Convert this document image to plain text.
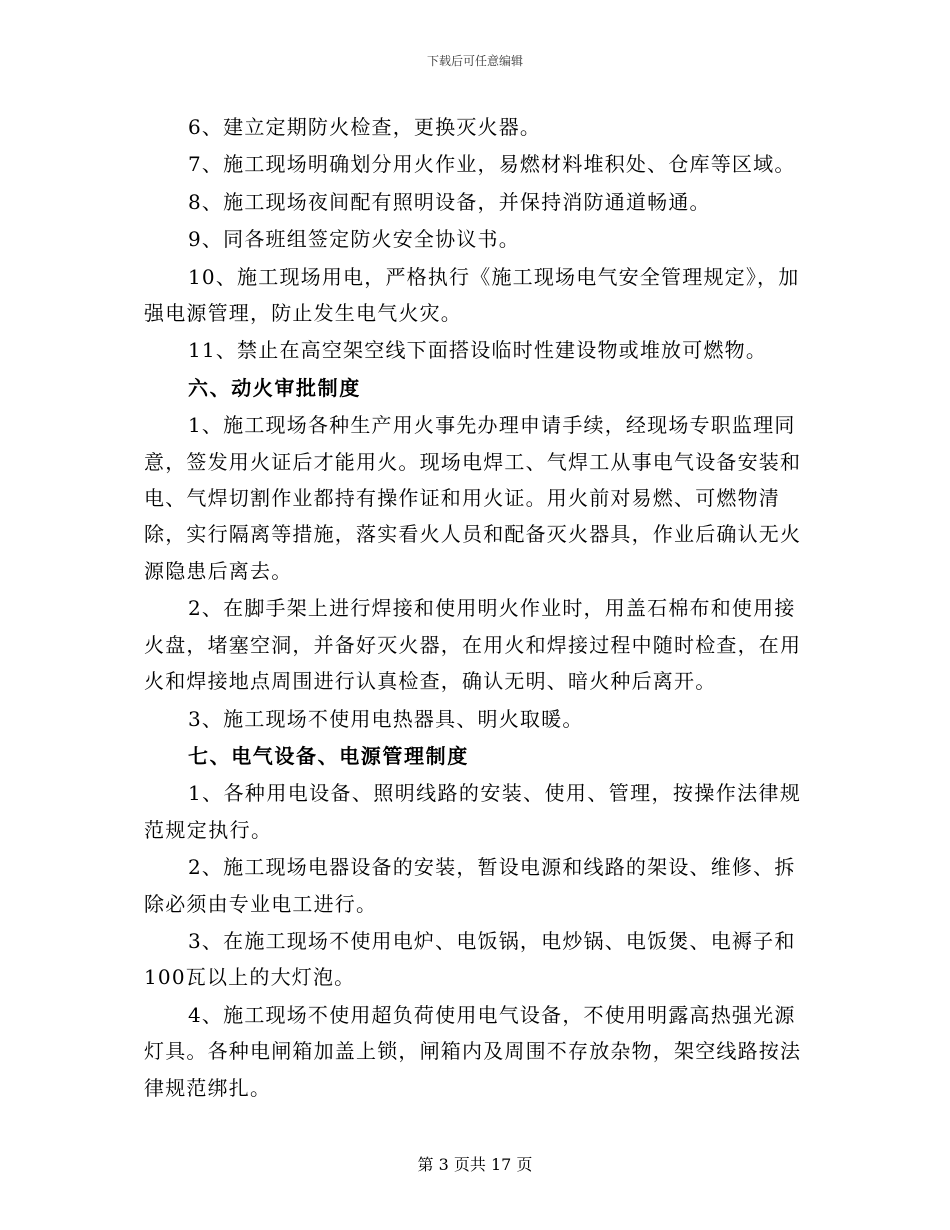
下载后可任意编辑

6、建立定期防火检查，更换灭火器。

7、施工现场明确划分用火作业，易燃材料堆积处、仓库等区域。

8、施工现场夜间配有照明设备，并保持消防通道畅通。

9、同各班组签定防火安全协议书。

10、施工现场用电，严格执行《施工现场电气安全管理规定》，加强电源管理，防止发生电气火灾。

11、禁止在高空架空线下面搭设临时性建设物或堆放可燃物。

六、动火审批制度

1、施工现场各种生产用火事先办理申请手续，经现场专职监理同意，签发用火证后才能用火。现场电焊工、气焊工从事电气设备安装和电、气焊切割作业都持有操作证和用火证。用火前对易燃、可燃物清除，实行隔离等措施，落实看火人员和配备灭火器具，作业后确认无火源隐患后离去。

2、在脚手架上进行焊接和使用明火作业时，用盖石棉布和使用接火盘，堵塞空洞，并备好灭火器，在用火和焊接过程中随时检查，在用火和焊接地点周围进行认真检查，确认无明、暗火种后离开。

3、施工现场不使用电热器具、明火取暖。

七、电气设备、电源管理制度

1、各种用电设备、照明线路的安装、使用、管理，按操作法律规范规定执行。

2、施工现场电器设备的安装，暂设电源和线路的架设、维修、拆除必须由专业电工进行。

3、在施工现场不使用电炉、电饭锅，电炒锅、电饭煲、电褥子和100瓦以上的大灯泡。

4、施工现场不使用超负荷使用电气设备，不使用明露高热强光源灯具。各种电闸箱加盖上锁，闸箱内及周围不存放杂物，架空线路按法律规范绑扎。

第 3 页共 17 页
